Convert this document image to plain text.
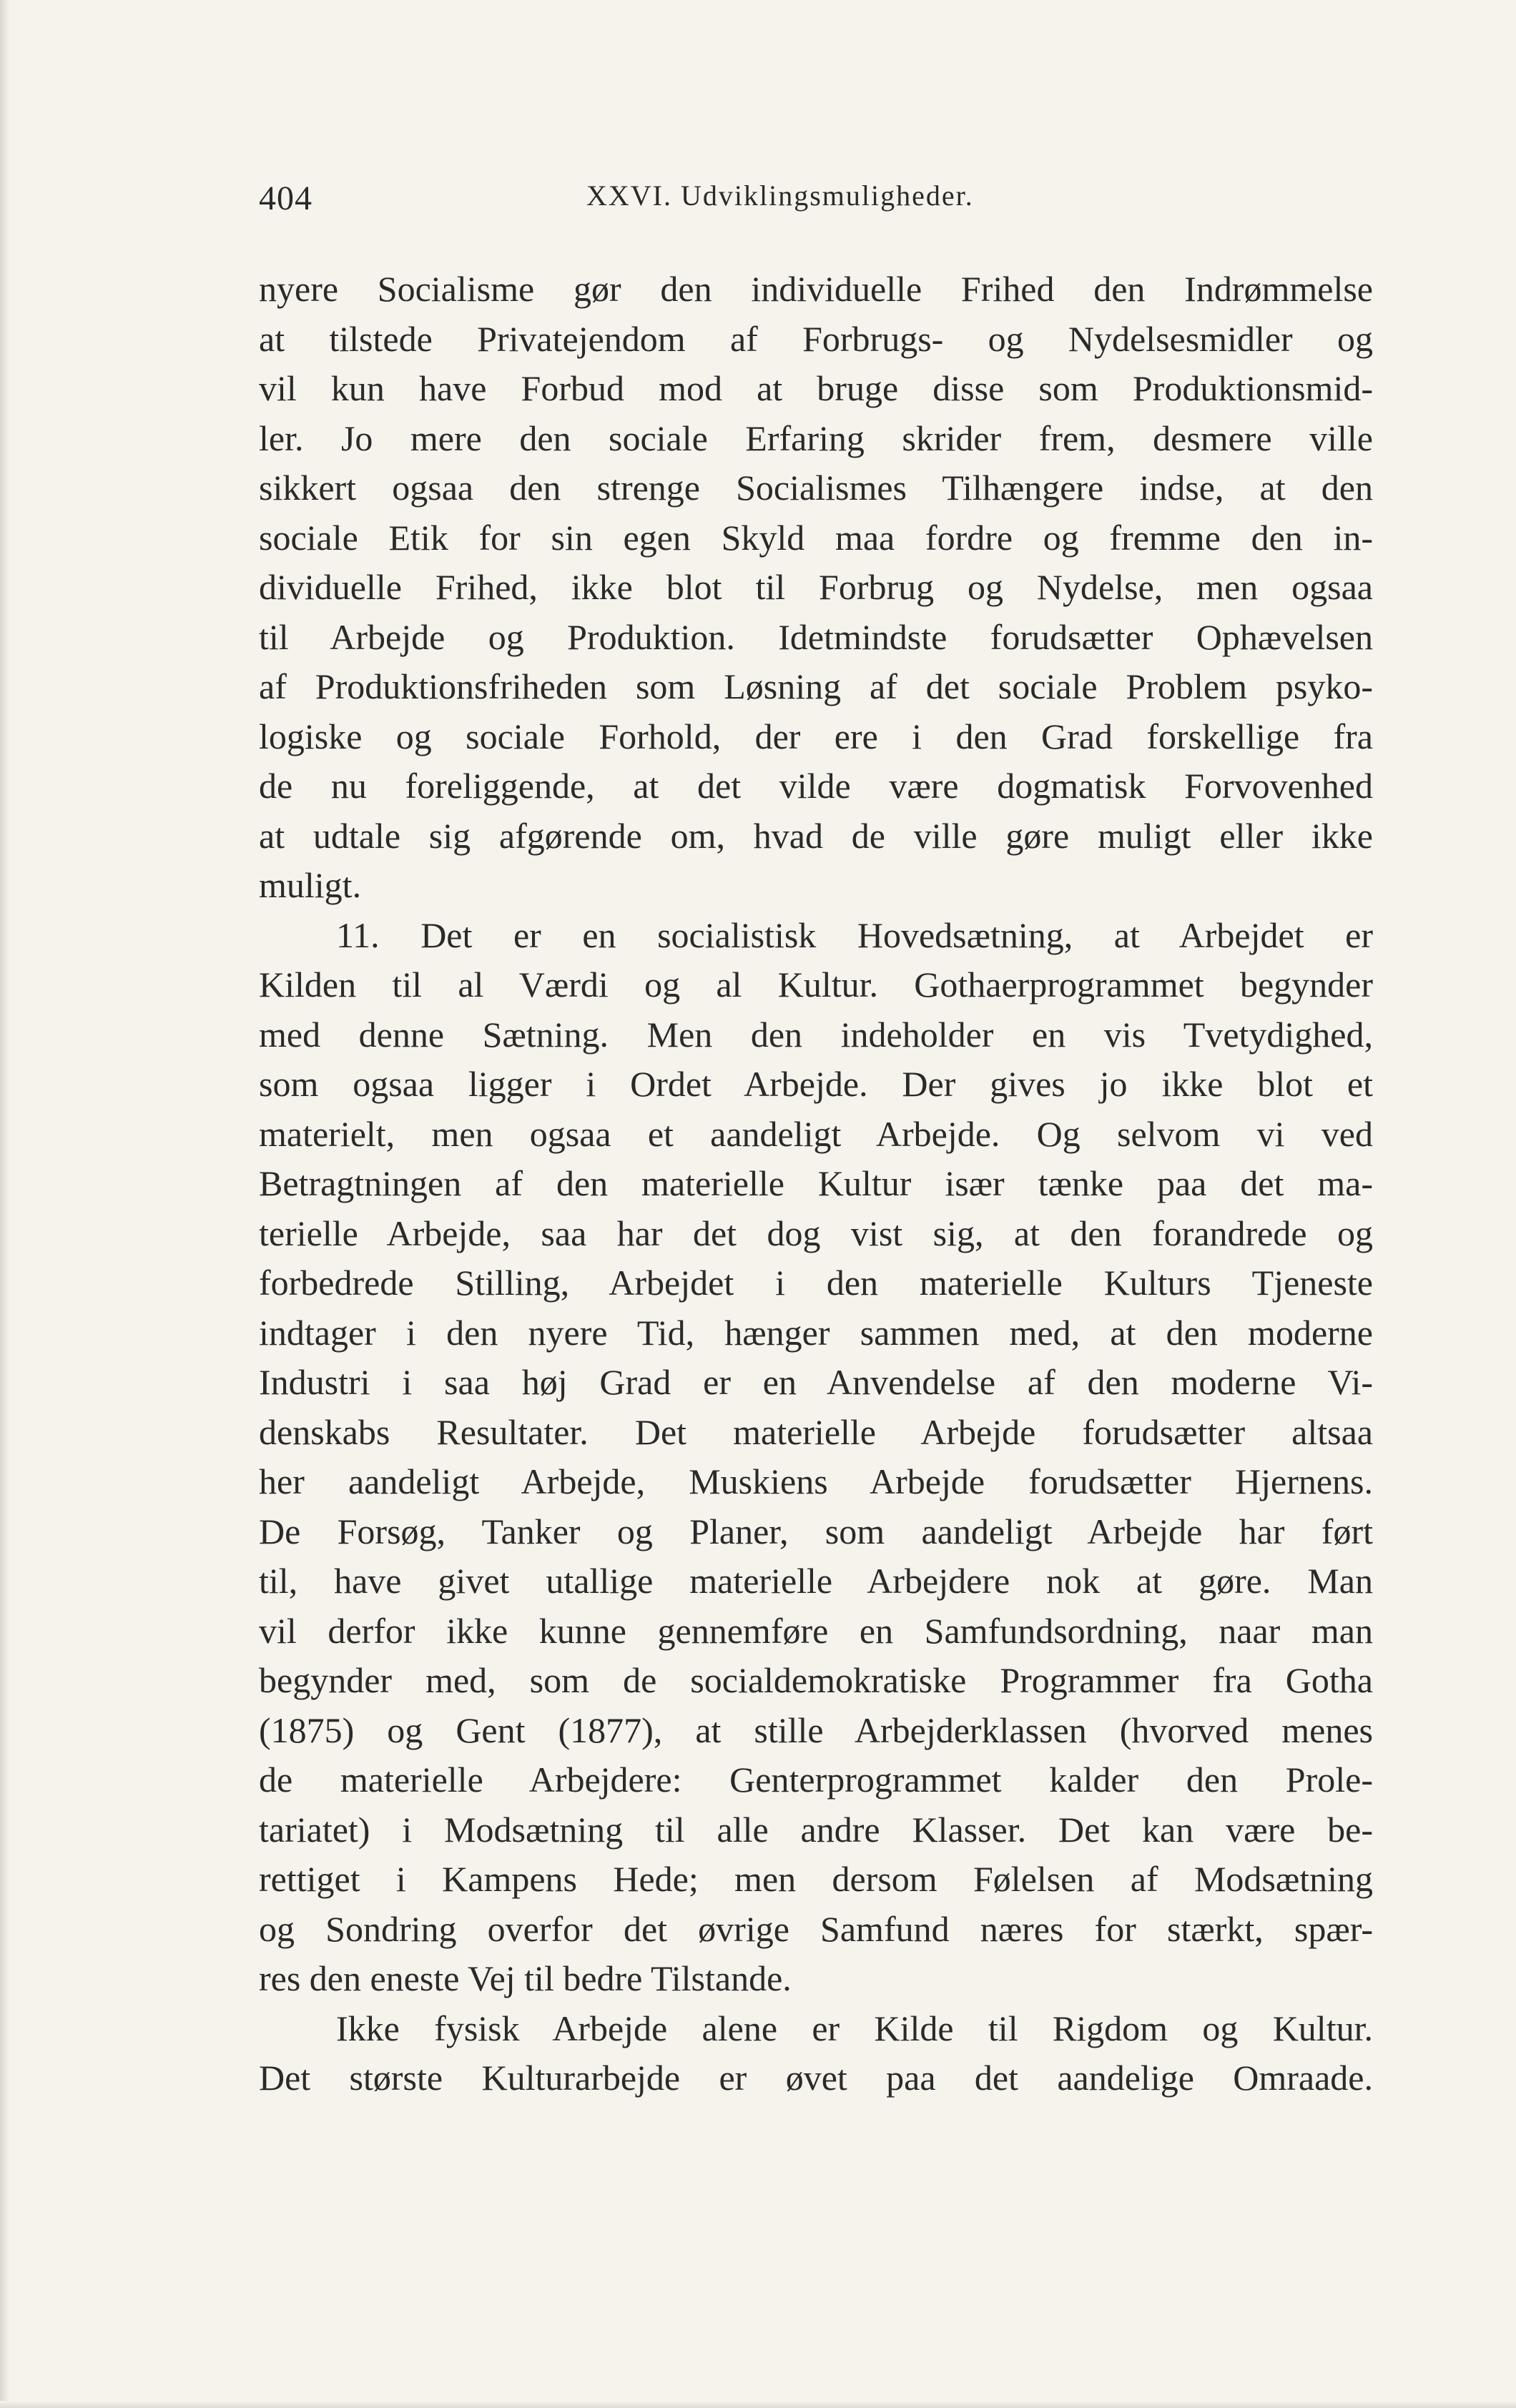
404	XXVI. Udviklingsmuligheder.
nyere Socialisme gør den individuelle Frihed den Indrømmelse
at tilstede Privatejendom af Forbrugs- og Nydelsesmidler og
vil kun have Forbud mod at bruge disse som Produktionsmid-
ler. Jo mere den sociale Erfaring skrider frem, desmere ville
sikkert ogsaa den strenge Socialismes Tilhængere indse, at den
sociale Etik for sin egen Skyld maa fordre og fremme den in-
dividuelle Frihed, ikke blot til Forbrug og Nydelse, men ogsaa
til Arbejde og Produktion. Idetmindste forudsætter Ophævelsen
af Produktionsfriheden som Løsning af det sociale Problem psyko-
logiske og sociale Forhold, der ere i den Grad forskellige fra
de nu foreliggende, at det vilde være dogmatisk Forvovenhed
at udtale sig afgørende om, hvad de ville gøre muligt eller ikke
muligt.
11. Det er en socialistisk Hovedsætning, at Arbejdet er
Kilden til al Værdi og al Kultur. Gothaerprogrammet begynder
med denne Sætning. Men den indeholder en vis Tvetydighed,
som ogsaa ligger i Ordet Arbejde. Der gives jo ikke blot et
materielt, men ogsaa et aandeligt Arbejde. Og selvom vi ved
Betragtningen af den materielle Kultur især tænke paa det ma-
terielle Arbejde, saa har det dog vist sig, at den forandrede og
forbedrede Stilling, Arbejdet i den materielle Kulturs Tjeneste
indtager i den nyere Tid, hænger sammen med, at den moderne
Industri i saa høj Grad er en Anvendelse af den moderne Vi-
denskabs Resultater. Det materielle Arbejde forudsætter altsaa
her aandeligt Arbejde, Muskiens Arbejde forudsætter Hjernens.
De Forsøg, Tanker og Planer, som aandeligt Arbejde har ført
til, have givet utallige materielle Arbejdere nok at gøre. Man
vil derfor ikke kunne gennemføre en Samfundsordning, naar man
begynder med, som de socialdemokratiske Programmer fra Gotha
(1875) og Gent (1877), at stille Arbejderklassen (hvorved menes
de materielle Arbejdere: Genterprogrammet kalder den Prole-
tariatet) i Modsætning til alle andre Klasser. Det kan være be-
rettiget i Kampens Hede; men dersom Følelsen af Modsætning
og Sondring overfor det øvrige Samfund næres for stærkt, spær-
res den eneste Vej til bedre Tilstande.
Ikke fysisk Arbejde alene er Kilde til Rigdom og Kultur.
Det største Kulturarbejde er øvet paa det aandelige Omraade.
